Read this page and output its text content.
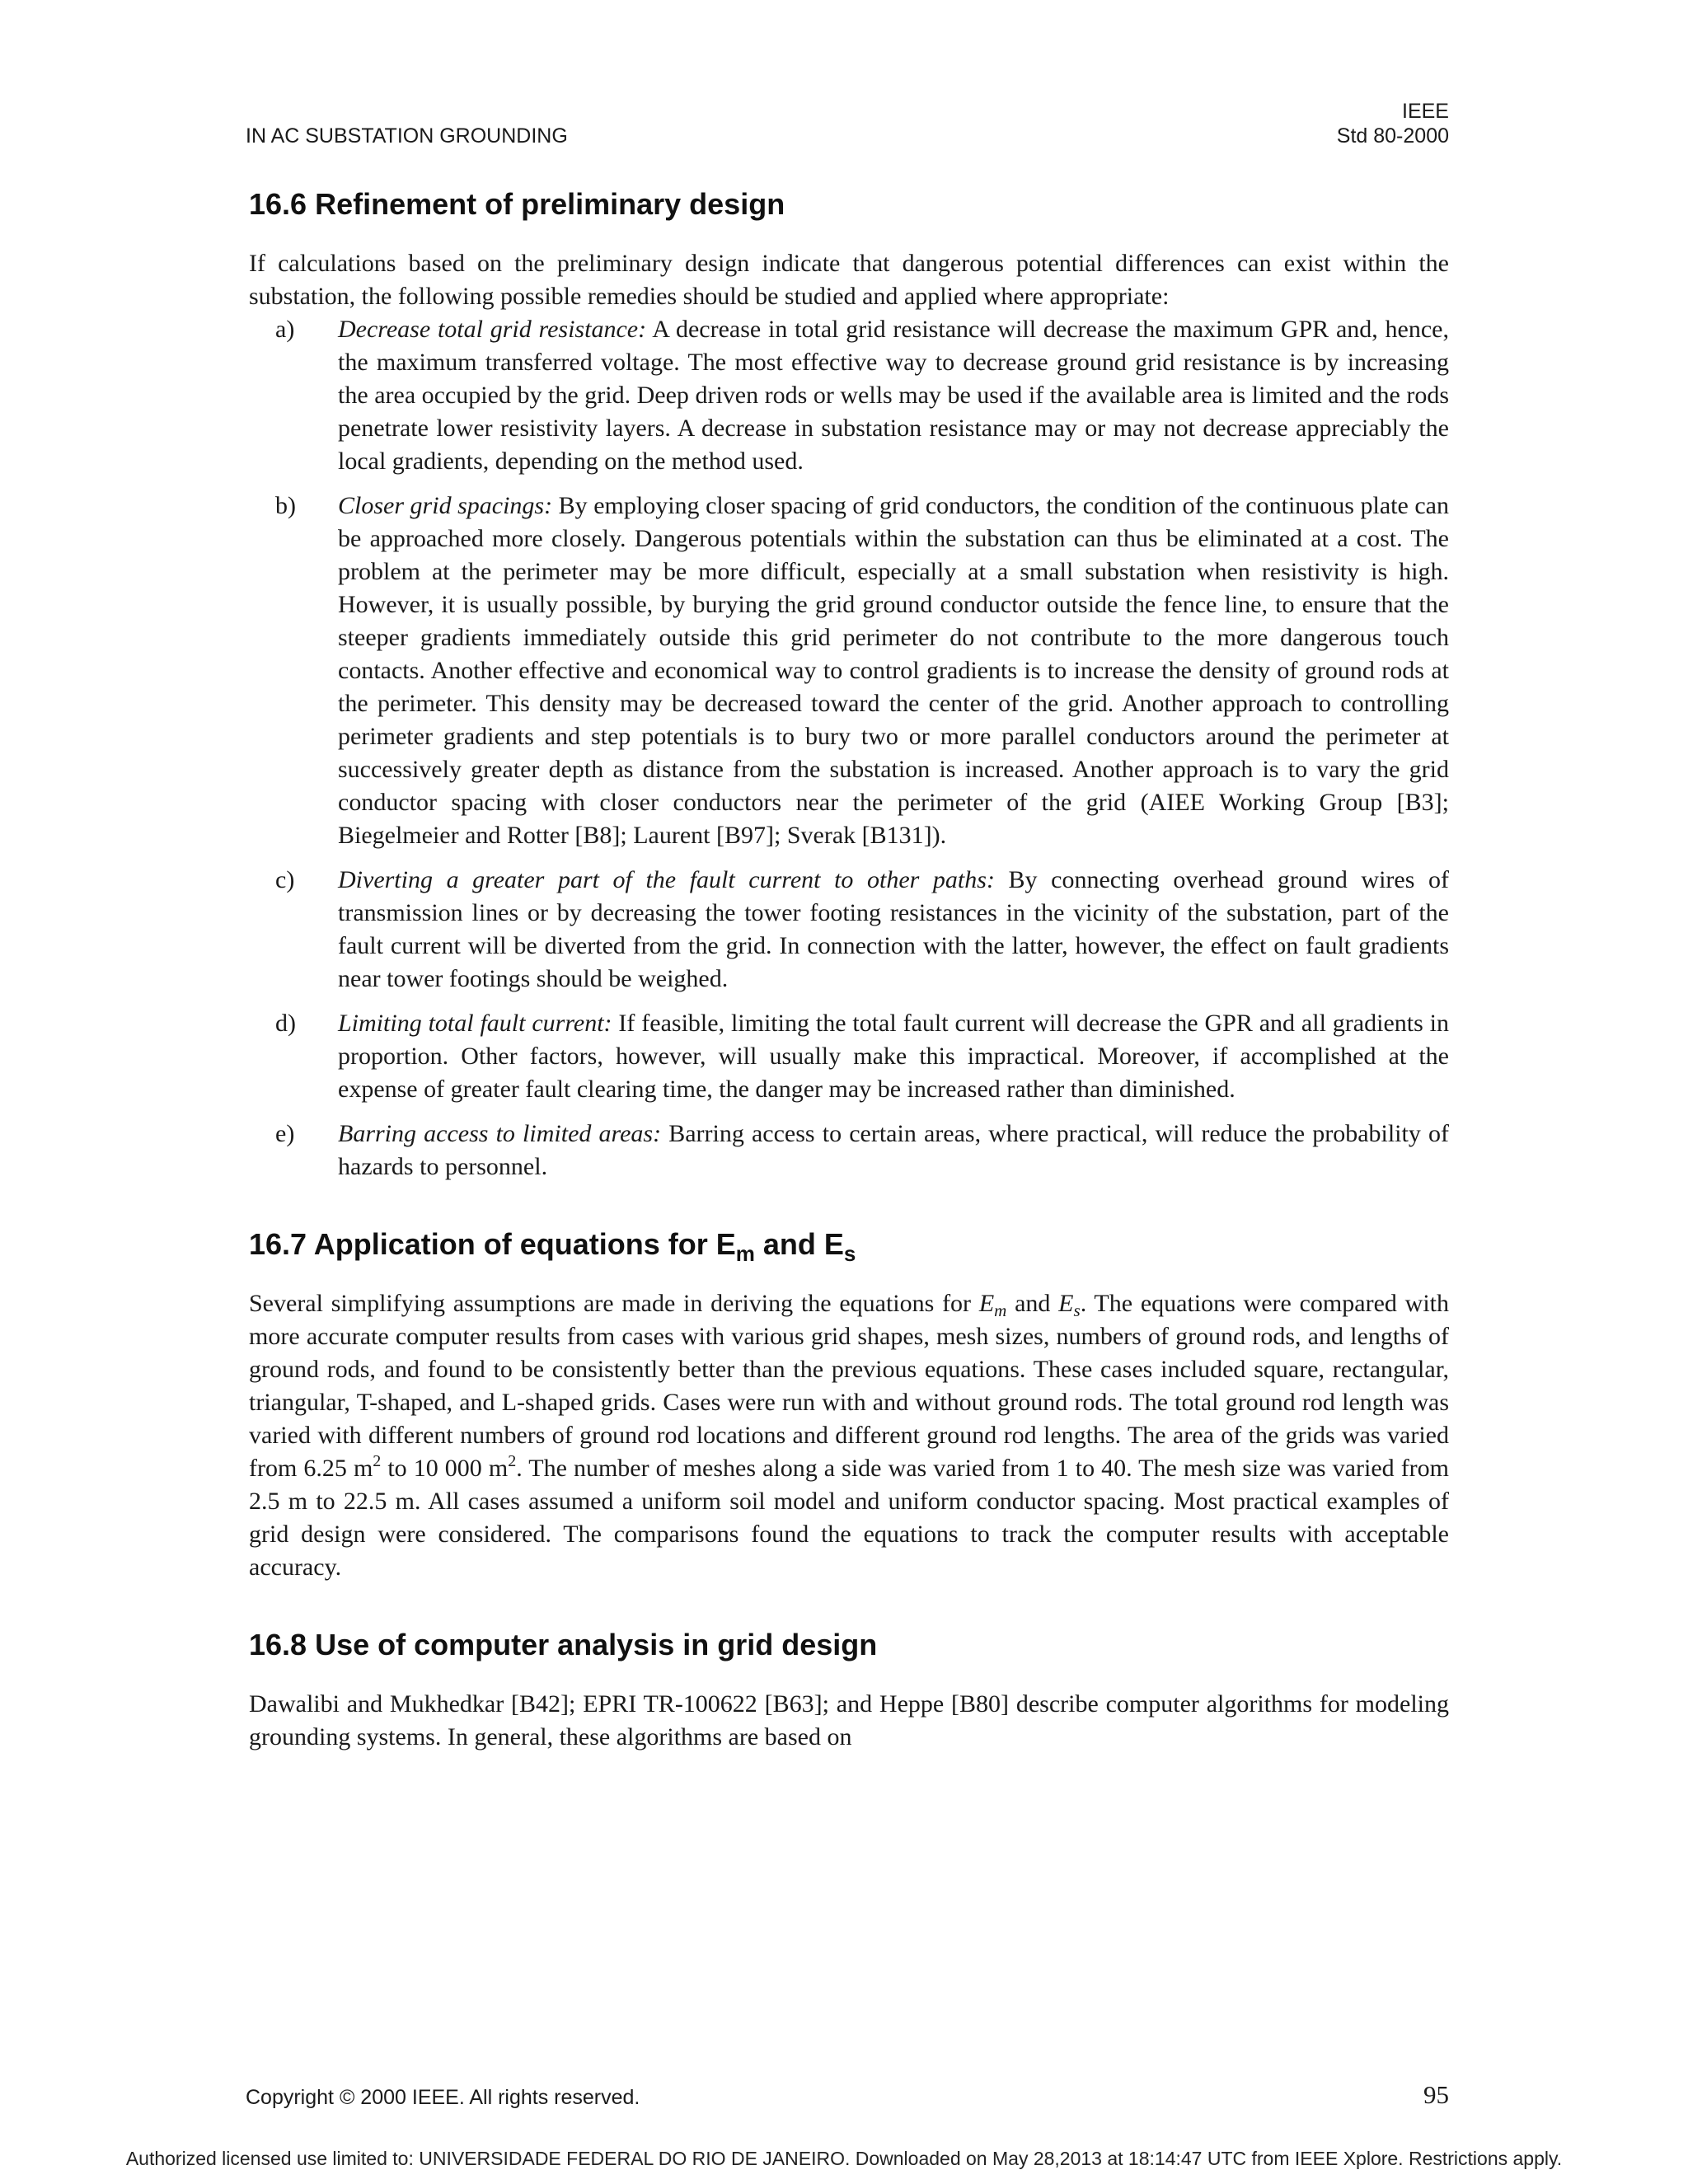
IN AC SUBSTATION GROUNDING
IEEE
Std 80-2000
16.6 Refinement of preliminary design

If calculations based on the preliminary design indicate that dangerous potential differences can exist within the substation, the following possible remedies should be studied and applied where appropriate:

a) Decrease total grid resistance: A decrease in total grid resistance will decrease the maximum GPR and, hence, the maximum transferred voltage. The most effective way to decrease ground grid resistance is by increasing the area occupied by the grid. Deep driven rods or wells may be used if the available area is limited and the rods penetrate lower resistivity layers. A decrease in substation resistance may or may not decrease appreciably the local gradients, depending on the method used.

b) Closer grid spacings: By employing closer spacing of grid conductors, the condition of the continuous plate can be approached more closely. Dangerous potentials within the substation can thus be eliminated at a cost. The problem at the perimeter may be more difficult, especially at a small substation when resistivity is high. However, it is usually possible, by burying the grid ground conductor outside the fence line, to ensure that the steeper gradients immediately outside this grid perimeter do not contribute to the more dangerous touch contacts. Another effective and economical way to control gradients is to increase the density of ground rods at the perimeter. This density may be decreased toward the center of the grid. Another approach to controlling perimeter gradients and step potentials is to bury two or more parallel conductors around the perimeter at successively greater depth as distance from the substation is increased. Another approach is to vary the grid conductor spacing with closer conductors near the perimeter of the grid (AIEE Working Group [B3]; Biegelmeier and Rotter [B8]; Laurent [B97]; Sverak [B131]).

c) Diverting a greater part of the fault current to other paths: By connecting overhead ground wires of transmission lines or by decreasing the tower footing resistances in the vicinity of the substation, part of the fault current will be diverted from the grid. In connection with the latter, however, the effect on fault gradients near tower footings should be weighed.

d) Limiting total fault current: If feasible, limiting the total fault current will decrease the GPR and all gradients in proportion. Other factors, however, will usually make this impractical. Moreover, if accomplished at the expense of greater fault clearing time, the danger may be increased rather than diminished.

e) Barring access to limited areas: Barring access to certain areas, where practical, will reduce the probability of hazards to personnel.

16.7 Application of equations for $E_m$ and $E_s$

Several simplifying assumptions are made in deriving the equations for $E_m$ and $E_s$. The equations were compared with more accurate computer results from cases with various grid shapes, mesh sizes, numbers of ground rods, and lengths of ground rods, and found to be consistently better than the previous equations. These cases included square, rectangular, triangular, T-shaped, and L-shaped grids. Cases were run with and without ground rods. The total ground rod length was varied with different numbers of ground rod locations and different ground rod lengths. The area of the grids was varied from 6.25 $m^2$ to 10 000 $m^2$. The number of meshes along a side was varied from 1 to 40. The mesh size was varied from 2.5 m to 22.5 m. All cases assumed a uniform soil model and uniform conductor spacing. Most practical examples of grid design were considered. The comparisons found the equations to track the computer results with acceptable accuracy.

16.8 Use of computer analysis in grid design

Dawalibi and Mukhedkar [B42]; EPRI TR-100622 [B63]; and Heppe [B80] describe computer algorithms for modeling grounding systems. In general, these algorithms are based on

Copyright © 2000 IEEE. All rights reserved.	95
Authorized licensed use limited to: UNIVERSIDADE FEDERAL DO RIO DE JANEIRO. Downloaded on May 28,2013 at 18:14:47 UTC from IEEE Xplore. Restrictions apply.
